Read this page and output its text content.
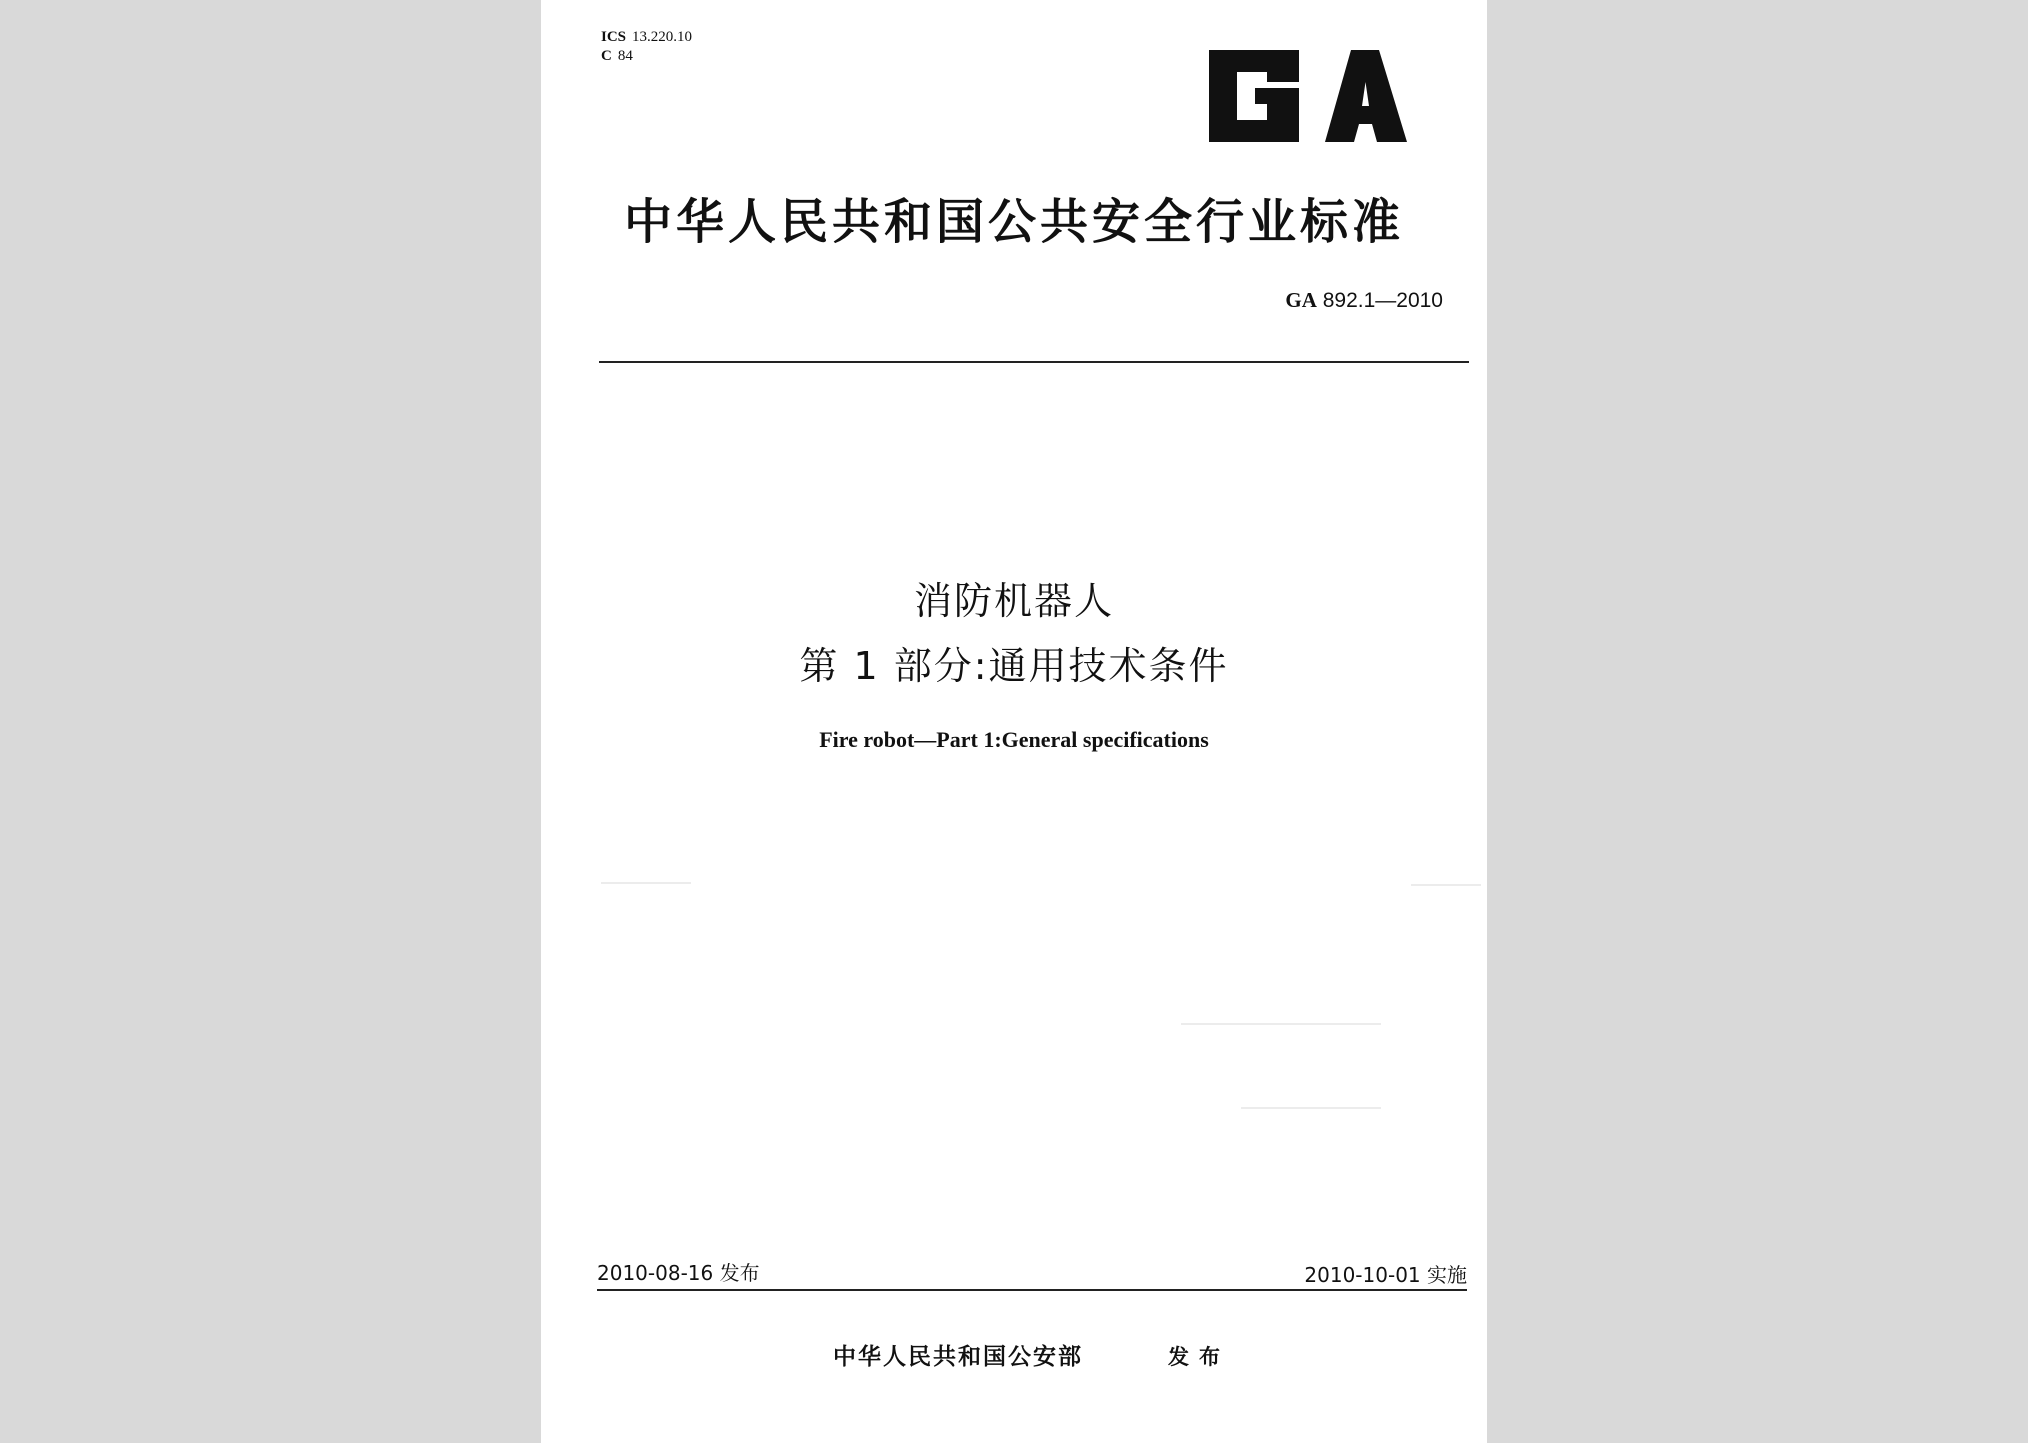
ICS 13.220.10
C 84
中华人民共和国公共安全行业标准
GA 892.1—2010
消防机器人
第 1 部分:通用技术条件
Fire robot—Part 1:General specifications
2010-08-16 发布	2010-10-01 实施
中华人民共和国公安部	发布
